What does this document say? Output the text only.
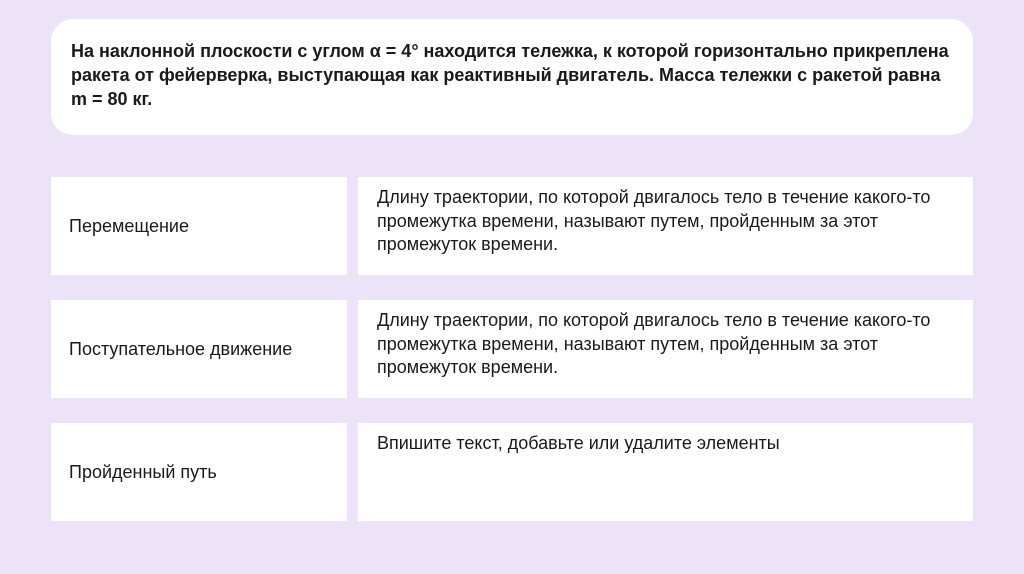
На наклонной плоскости с углом α = 4° находится тележка, к которой горизонтально прикреплена ракета от фейерверка, выступающая как реактивный двигатель. Масса тележки с ракетой равна m = 80 кг.

Перемещение
Длину траектории, по которой двигалось тело в течение какого-то промежутка времени, называют путем, пройденным за этот промежуток времени.
Поступательное движение
Длину траектории, по которой двигалось тело в течение какого-то промежутка времени, называют путем, пройденным за этот промежуток времени.
Пройденный путь
Впишите текст, добавьте или удалите элементы
